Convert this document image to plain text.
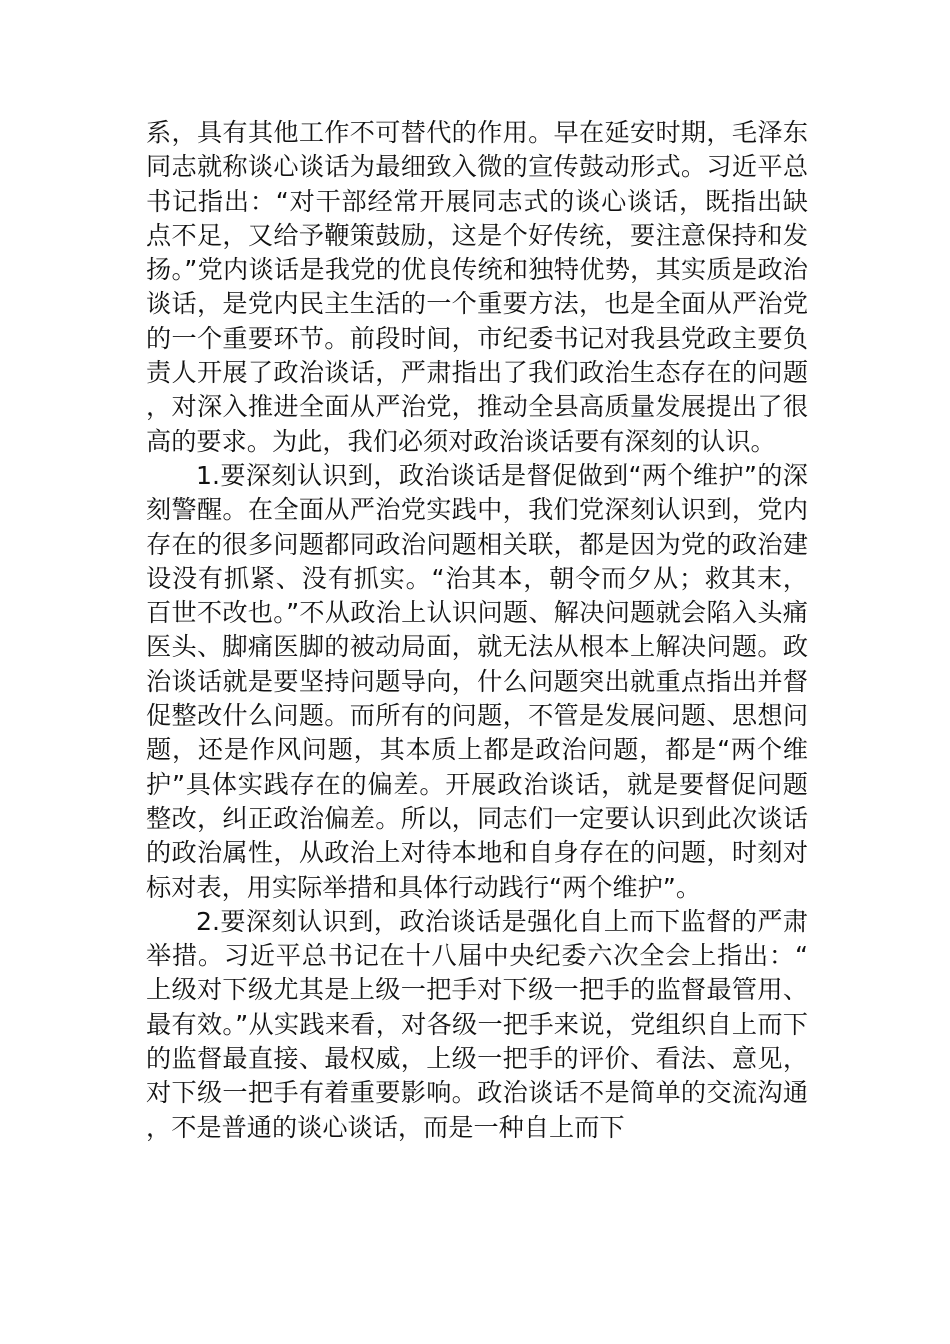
系，具有其他工作不可替代的作用。早在延安时期，毛泽东同志就称谈心谈话为最细致入微的宣传鼓动形式。习近平总书记指出：“对干部经常开展同志式的谈心谈话，既指出缺点不足，又给予鞭策鼓励，这是个好传统，要注意保持和发扬。”党内谈话是我党的优良传统和独特优势，其实质是政治谈话，是党内民主生活的一个重要方法，也是全面从严治党的一个重要环节。前段时间，市纪委书记对我县党政主要负责人开展了政治谈话，严肃指出了我们政治生态存在的问题，对深入推进全面从严治党，推动全县高质量发展提出了很高的要求。为此，我们必须对政治谈话要有深刻的认识。

1.要深刻认识到，政治谈话是督促做到“两个维护”的深刻警醒。在全面从严治党实践中，我们党深刻认识到，党内存在的很多问题都同政治问题相关联，都是因为党的政治建设没有抓紧、没有抓实。“治其本，朝令而夕从；救其末，百世不改也。”不从政治上认识问题、解决问题就会陷入头痛医头、脚痛医脚的被动局面，就无法从根本上解决问题。政治谈话就是要坚持问题导向，什么问题突出就重点指出并督促整改什么问题。而所有的问题，不管是发展问题、思想问题，还是作风问题，其本质上都是政治问题，都是“两个维护”具体实践存在的偏差。开展政治谈话，就是要督促问题整改，纠正政治偏差。所以，同志们一定要认识到此次谈话的政治属性，从政治上对待本地和自身存在的问题，时刻对标对表，用实际举措和具体行动践行“两个维护”。

2.要深刻认识到，政治谈话是强化自上而下监督的严肃举措。习近平总书记在十八届中央纪委六次全会上指出：“上级对下级尤其是上级一把手对下级一把手的监督最管用、最有效。”从实践来看，对各级一把手来说，党组织自上而下的监督最直接、最权威，上级一把手的评价、看法、意见，对下级一把手有着重要影响。政治谈话不是简单的交流沟通，不是普通的谈心谈话，而是一种自上而下
